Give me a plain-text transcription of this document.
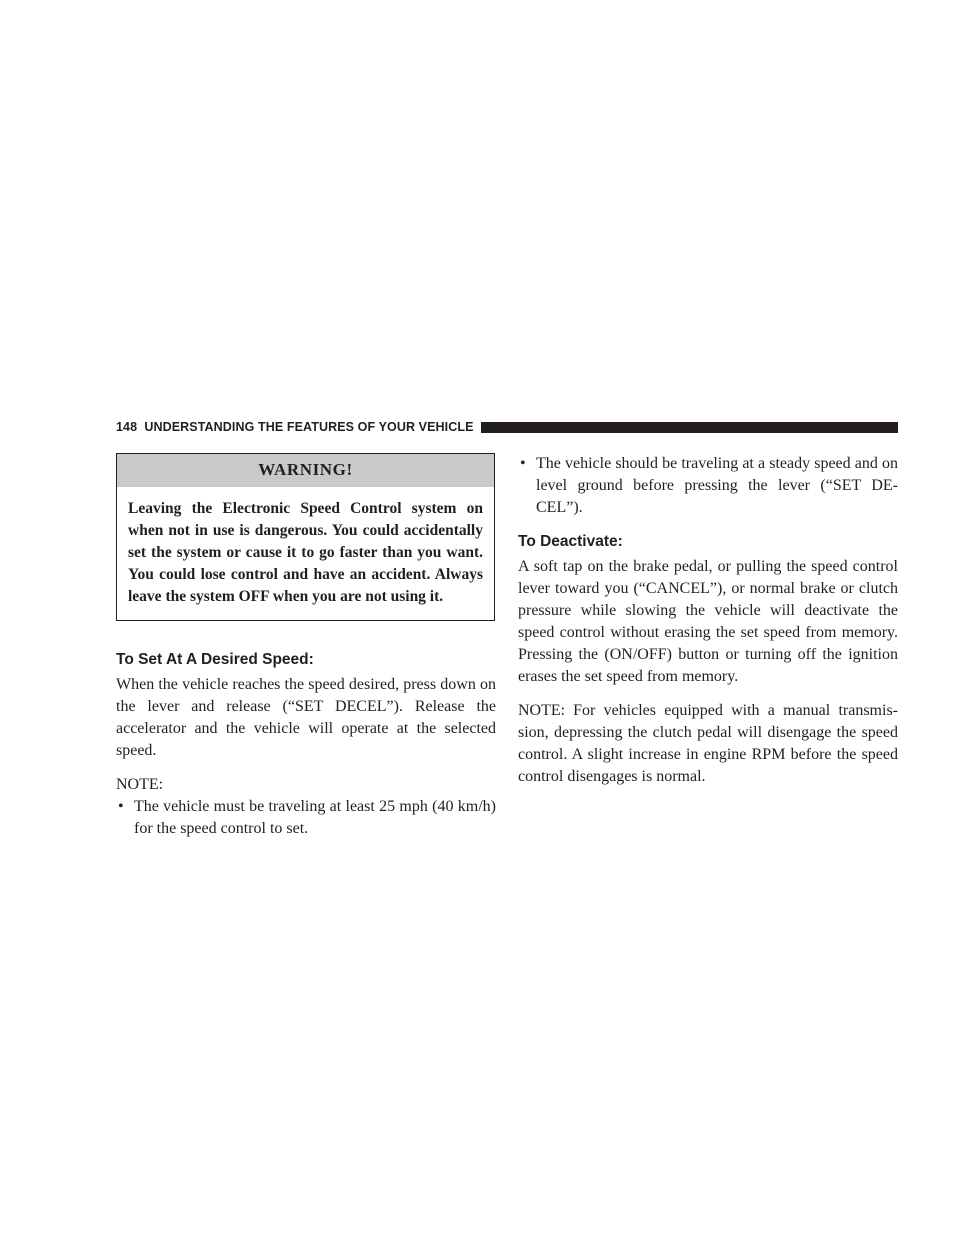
148 UNDERSTANDING THE FEATURES OF YOUR VEHICLE
WARNING!

Leaving the Electronic Speed Control system on when not in use is dangerous. You could accidentally set the system or cause it to go faster than you want. You could lose control and have an accident. Always leave the system OFF when you are not using it.

To Set At A Desired Speed:

When the vehicle reaches the speed desired, press down on the lever and release (“SET DECEL”). Release the accelerator and the vehicle will operate at the selected speed.

NOTE:

• The vehicle must be traveling at least 25 mph (40 km/h) for the speed control to set.
• The vehicle should be traveling at a steady speed and on level ground before pressing the lever (“SET DE-CEL”).
To Deactivate:

A soft tap on the brake pedal, or pulling the speed control lever toward you (“CANCEL”), or normal brake or clutch pressure while slowing the vehicle will deactivate the speed control without erasing the set speed from memory. Pressing the (ON/OFF) button or turning off the ignition erases the set speed from memory.

NOTE: For vehicles equipped with a manual transmis-sion, depressing the clutch pedal will disengage the speed control. A slight increase in engine RPM before the speed control disengages is normal.
